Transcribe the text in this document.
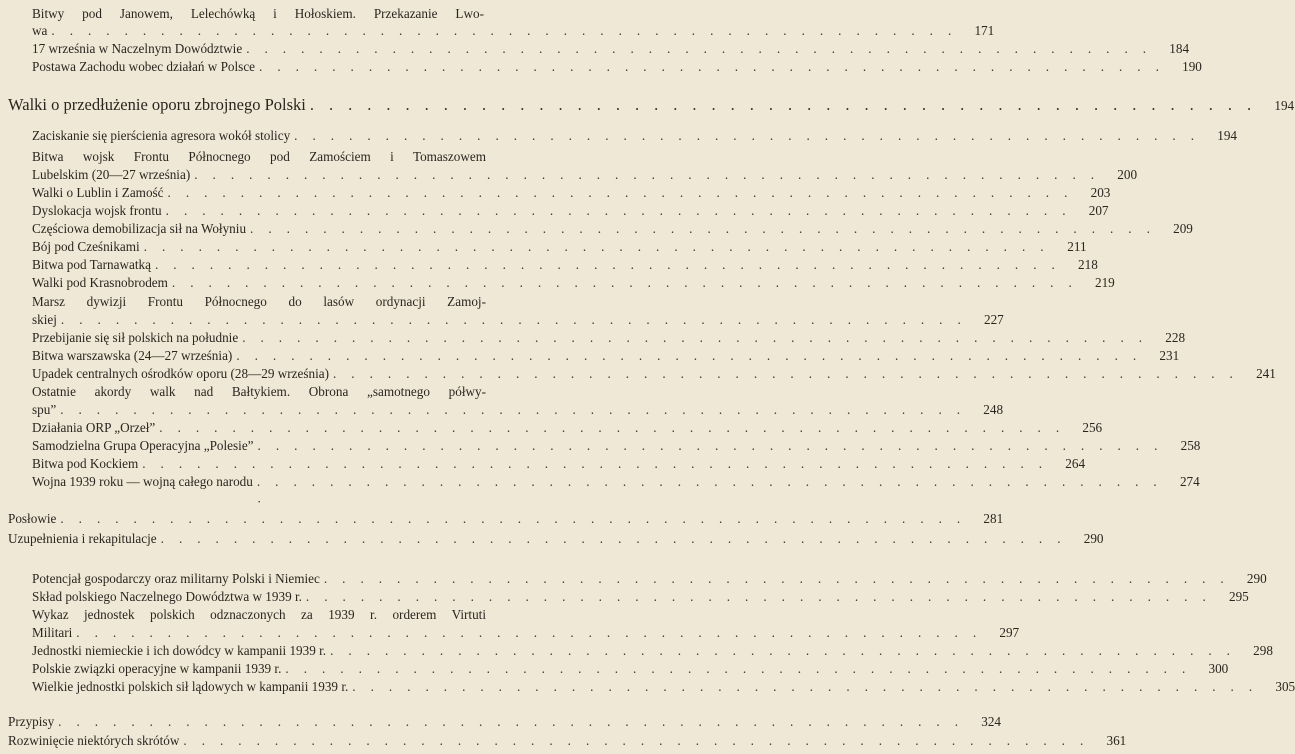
Bitwy pod Janowem, Lelechówką i Hołoskiem. Przekazanie Lwo-
wa .................................................. 171
17 września w Naczelnym Dowództwie .................................................. 184
Postawa Zachodu wobec działań w Polsce .................................................. 190
Walki o przedłużenie oporu zbrojnego Polski .................................................. 194
Zaciskanie się pierścienia agresora wokół stolicy .................................................. 194
Bitwa wojsk Frontu Północnego pod Zamościem i Tomaszowem
Lubelskim (20—27 września) .................................................. 200
Walki o Lublin i Zamość .................................................. 203
Dyslokacja wojsk frontu .................................................. 207
Częściowa demobilizacja sił na Wołyniu .................................................. 209
Bój pod Cześnikami .................................................. 211
Bitwa pod Tarnawatką .................................................. 218
Walki pod Krasnobrodem .................................................. 219
Marsz dywizji Frontu Północnego do lasów ordynacji Zamoj-
skiej .................................................. 227
Przebijanie się sił polskich na południe .................................................. 228
Bitwa warszawska (24—27 września) .................................................. 231
Upadek centralnych ośrodków oporu (28—29 września) .................................................. 241
Ostatnie akordy walk nad Bałtykiem. Obrona „samotnego półwy-
spu” .................................................. 248
Działania ORP „Orzeł” .................................................. 256
Samodzielna Grupa Operacyjna „Polesie” .................................................. 258
Bitwa pod Kockiem .................................................. 264
Wojna 1939 roku — wojną całego narodu .................................................. 274
·
Posłowie .................................................. 281
Uzupełnienia i rekapitulacje .................................................. 290
Potencjał gospodarczy oraz militarny Polski i Niemiec .................................................. 290
Skład polskiego Naczelnego Dowództwa w 1939 r. .................................................. 295
Wykaz jednostek polskich odznaczonych za 1939 r. orderem Virtuti
Militari .................................................. 297
Jednostki niemieckie i ich dowódcy w kampanii 1939 r. .................................................. 298
Polskie związki operacyjne w kampanii 1939 r. .................................................. 300
Wielkie jednostki polskich sił lądowych w kampanii 1939 r. .................................................. 305
Przypisy .................................................. 324
Rozwinięcie niektórych skrótów .................................................. 361
